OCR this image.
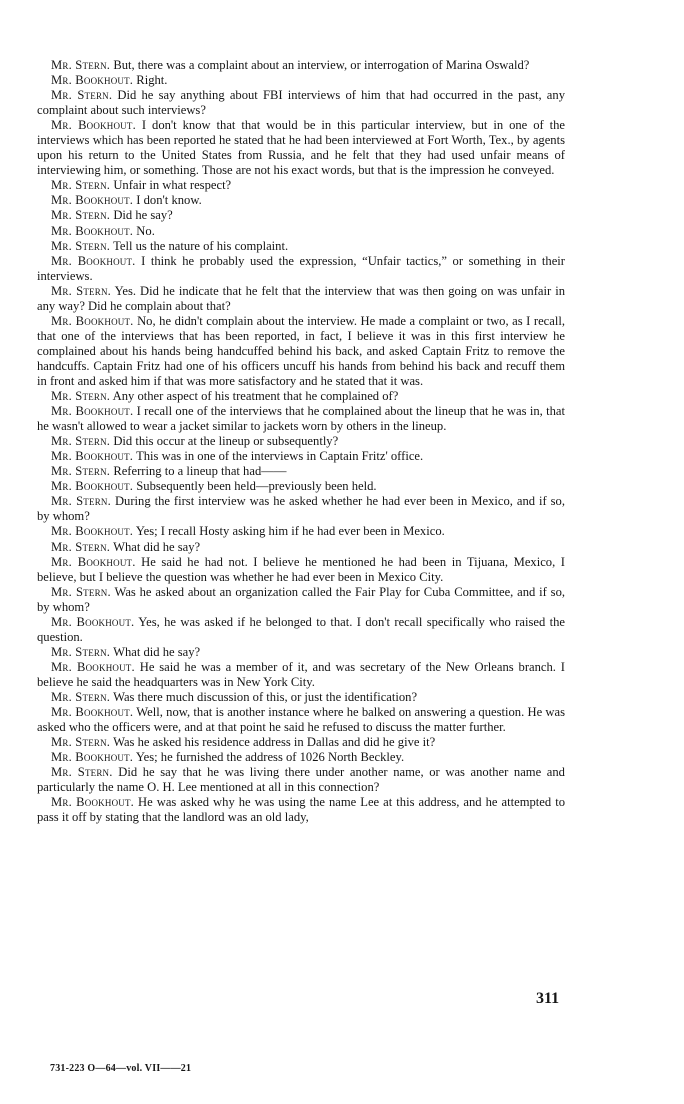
Mr. Stern. But, there was a complaint about an interview, or interrogation of Marina Oswald?

Mr. Bookhout. Right.

Mr. Stern. Did he say anything about FBI interviews of him that had occurred in the past, any complaint about such interviews?

Mr. Bookhout. I don't know that that would be in this particular interview, but in one of the interviews which has been reported he stated that he had been interviewed at Fort Worth, Tex., by agents upon his return to the United States from Russia, and he felt that they had used unfair means of interviewing him, or something. Those are not his exact words, but that is the impression he conveyed.

Mr. Stern. Unfair in what respect?

Mr. Bookhout. I don't know.

Mr. Stern. Did he say?

Mr. Bookhout. No.

Mr. Stern. Tell us the nature of his complaint.

Mr. Bookhout. I think he probably used the expression, “Unfair tactics,” or something in their interviews.

Mr. Stern. Yes. Did he indicate that he felt that the interview that was then going on was unfair in any way? Did he complain about that?

Mr. Bookhout. No, he didn't complain about the interview. He made a complaint or two, as I recall, that one of the interviews that has been reported, in fact, I believe it was in this first interview he complained about his hands being handcuffed behind his back, and asked Captain Fritz to remove the handcuffs. Captain Fritz had one of his officers uncuff his hands from behind his back and recuff them in front and asked him if that was more satisfactory and he stated that it was.

Mr. Stern. Any other aspect of his treatment that he complained of?

Mr. Bookhout. I recall one of the interviews that he complained about the lineup that he was in, that he wasn't allowed to wear a jacket similar to jackets worn by others in the lineup.

Mr. Stern. Did this occur at the lineup or subsequently?

Mr. Bookhout. This was in one of the interviews in Captain Fritz' office.

Mr. Stern. Referring to a lineup that had——

Mr. Bookhout. Subsequently been held—previously been held.

Mr. Stern. During the first interview was he asked whether he had ever been in Mexico, and if so, by whom?

Mr. Bookhout. Yes; I recall Hosty asking him if he had ever been in Mexico.

Mr. Stern. What did he say?

Mr. Bookhout. He said he had not. I believe he mentioned he had been in Tijuana, Mexico, I believe, but I believe the question was whether he had ever been in Mexico City.

Mr. Stern. Was he asked about an organization called the Fair Play for Cuba Committee, and if so, by whom?

Mr. Bookhout. Yes, he was asked if he belonged to that. I don't recall specifically who raised the question.

Mr. Stern. What did he say?

Mr. Bookhout. He said he was a member of it, and was secretary of the New Orleans branch. I believe he said the headquarters was in New York City.

Mr. Stern. Was there much discussion of this, or just the identification?

Mr. Bookhout. Well, now, that is another instance where he balked on answering a question. He was asked who the officers were, and at that point he said he refused to discuss the matter further.

Mr. Stern. Was he asked his residence address in Dallas and did he give it?

Mr. Bookhout. Yes; he furnished the address of 1026 North Beckley.

Mr. Stern. Did he say that he was living there under another name, or was another name and particularly the name O. H. Lee mentioned at all in this connection?

Mr. Bookhout. He was asked why he was using the name Lee at this address, and he attempted to pass it off by stating that the landlord was an old lady,

311
731-223 O—64—vol. VII——21
